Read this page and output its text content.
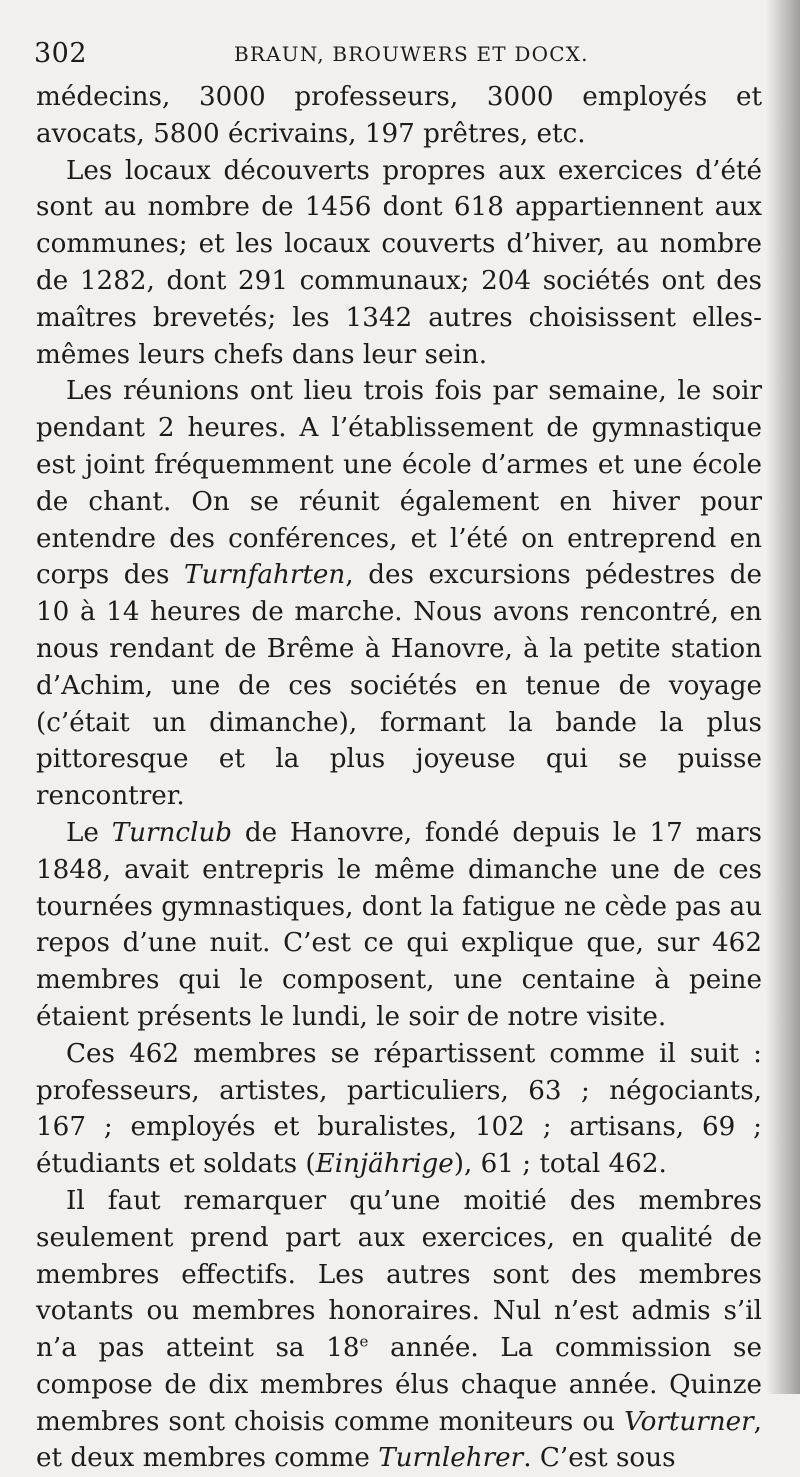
302	BRAUN, BROUWERS ET DOCX.

médecins, 3000 professeurs, 3000 employés et avocats, 5800 écrivains, 197 prêtres, etc.

Les locaux découverts propres aux exercices d’été sont au nombre de 1456 dont 618 appartiennent aux communes; et les locaux couverts d’hiver, au nombre de 1282, dont 291 communaux; 204 sociétés ont des maîtres brevetés; les 1342 autres choisissent elles-mêmes leurs chefs dans leur sein.

Les réunions ont lieu trois fois par semaine, le soir pendant 2 heures. A l’établissement de gymnastique est joint fréquemment une école d’armes et une école de chant. On se réunit également en hiver pour entendre des conférences, et l’été on entreprend en corps des Turnfahrten, des excursions pédestres de 10 à 14 heures de marche. Nous avons rencontré, en nous rendant de Brême à Hanovre, à la petite station d’Achim, une de ces sociétés en tenue de voyage (c’était un dimanche), formant la bande la plus pittoresque et la plus joyeuse qui se puisse rencontrer.

Le Turnclub de Hanovre, fondé depuis le 17 mars 1848, avait entrepris le même dimanche une de ces tournées gymnastiques, dont la fatigue ne cède pas au repos d’une nuit. C’est ce qui explique que, sur 462 membres qui le composent, une centaine à peine étaient présents le lundi, le soir de notre visite.

Ces 462 membres se répartissent comme il suit : professeurs, artistes, particuliers, 63 ; négociants, 167 ; employés et buralistes, 102 ; artisans, 69 ; étudiants et soldats (Einjährige), 61 ; total 462.

Il faut remarquer qu’une moitié des membres seulement prend part aux exercices, en qualité de membres effectifs. Les autres sont des membres votants ou membres honoraires. Nul n’est admis s’il n’a pas atteint sa 18e année. La commission se compose de dix membres élus chaque année. Quinze membres sont choisis comme moniteurs ou Vorturner, et deux membres comme Turnlehrer. C’est sous
